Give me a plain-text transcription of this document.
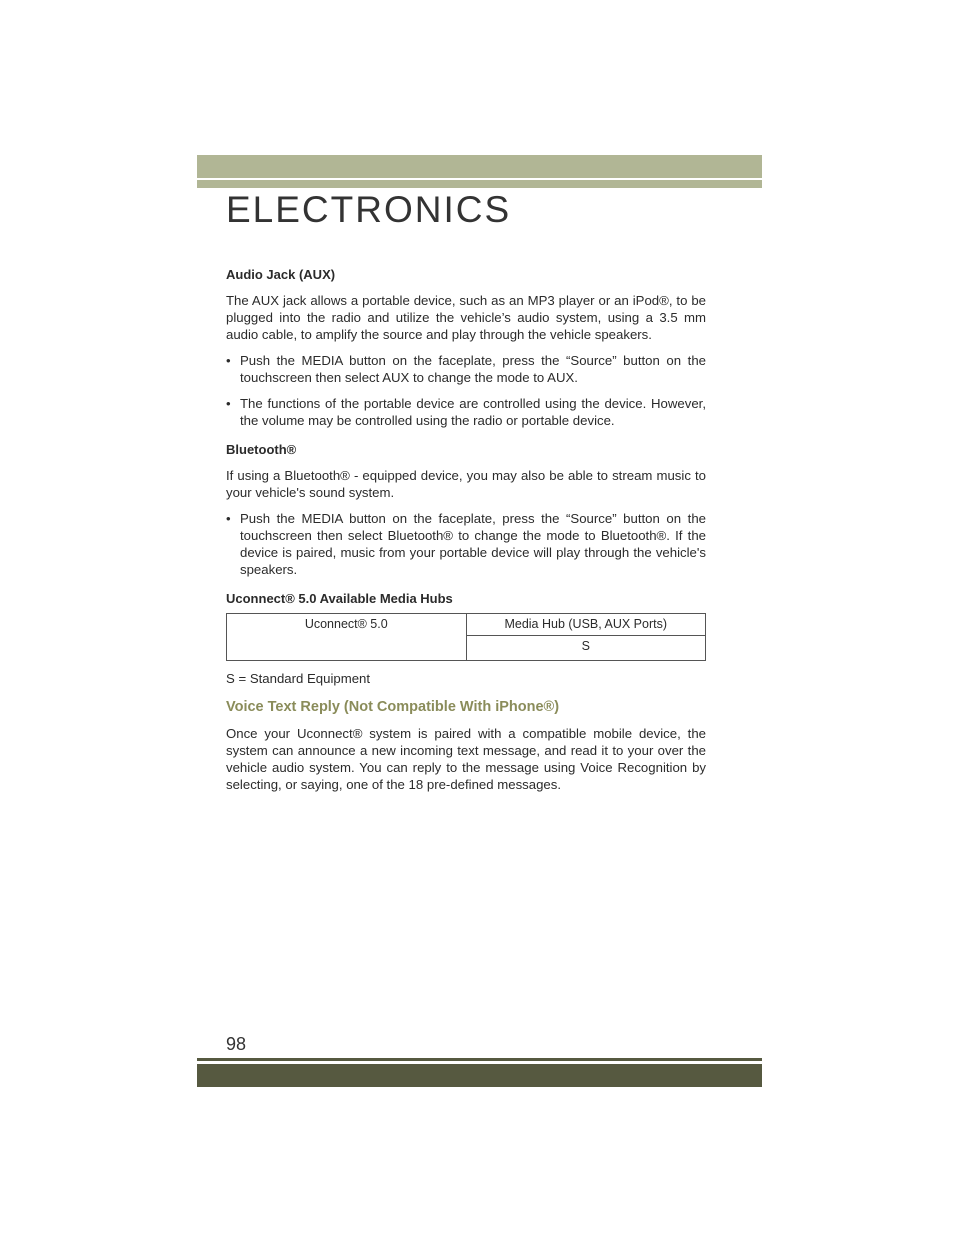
ELECTRONICS

Audio Jack (AUX)

The AUX jack allows a portable device, such as an MP3 player or an iPod®, to be plugged into the radio and utilize the vehicle’s audio system, using a 3.5 mm audio cable, to amplify the source and play through the vehicle speakers.

• Push the MEDIA button on the faceplate, press the “Source” button on the touchscreen then select AUX to change the mode to AUX.

• The functions of the portable device are controlled using the device. However, the volume may be controlled using the radio or portable device.

Bluetooth®

If using a Bluetooth® - equipped device, you may also be able to stream music to your vehicle's sound system.

• Push the MEDIA button on the faceplate, press the “Source” button on the touchscreen then select Bluetooth® to change the mode to Bluetooth®. If the device is paired, music from your portable device will play through the vehicle's speakers.

Uconnect® 5.0 Available Media Hubs

Uconnect® 5.0	Media Hub (USB, AUX Ports)
S

S = Standard Equipment

Voice Text Reply (Not Compatible With iPhone®)

Once your Uconnect® system is paired with a compatible mobile device, the system can announce a new incoming text message, and read it to your over the vehicle audio system. You can reply to the message using Voice Recognition by selecting, or saying, one of the 18 pre-defined messages.

98
